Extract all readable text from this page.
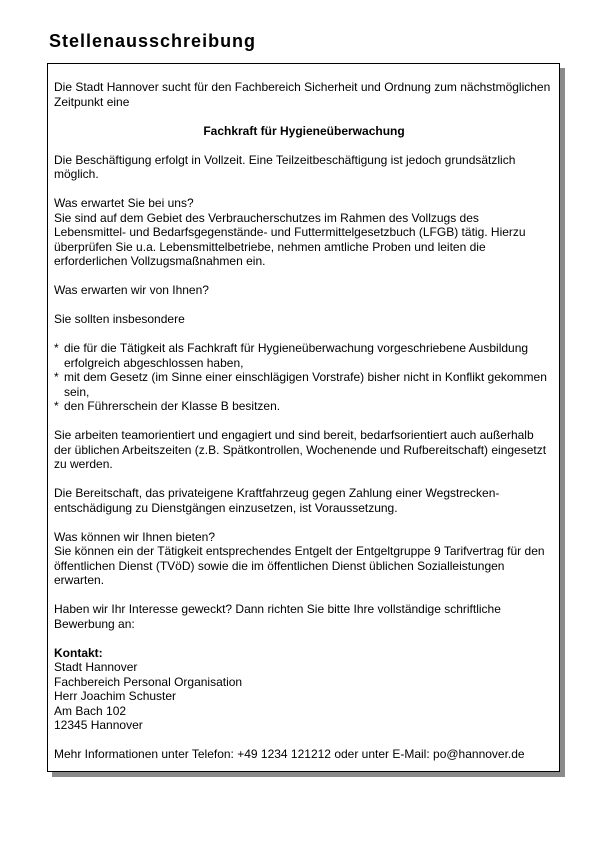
Stellenausschreibung

Die Stadt Hannover sucht für den Fachbereich Sicherheit und Ordnung zum nächstmöglichen Zeitpunkt eine

Fachkraft für Hygieneüberwachung

Die Beschäftigung erfolgt in Vollzeit. Eine Teilzeitbeschäftigung ist jedoch grundsätzlich möglich.

Was erwartet Sie bei uns?
Sie sind auf dem Gebiet des Verbraucherschutzes im Rahmen des Vollzugs des Lebensmittel- und Bedarfsgegenstände- und Futtermittelgesetzbuch (LFGB) tätig. Hierzu überprüfen Sie u.a. Lebensmittelbetriebe, nehmen amtliche Proben und leiten die erforderlichen Vollzugsmaßnahmen ein.

Was erwarten wir von Ihnen?

Sie sollten insbesondere

* die für die Tätigkeit als Fachkraft für Hygieneüberwachung vorgeschriebene Ausbildung erfolgreich abgeschlossen haben,
* mit dem Gesetz (im Sinne einer einschlägigen Vorstrafe) bisher nicht in Konflikt gekommen sein,
* den Führerschein der Klasse B besitzen.

Sie arbeiten teamorientiert und engagiert und sind bereit, bedarfsorientiert auch außerhalb der üblichen Arbeitszeiten (z.B. Spätkontrollen, Wochenende und Rufbereitschaft) eingesetzt zu werden.

Die Bereitschaft, das privateigene Kraftfahrzeug gegen Zahlung einer Wegstrecken-entschädigung zu Dienstgängen einzusetzen, ist Voraussetzung.

Was können wir Ihnen bieten?
Sie können ein der Tätigkeit entsprechendes Entgelt der Entgeltgruppe 9 Tarifvertrag für den öffentlichen Dienst (TVöD) sowie die im öffentlichen Dienst üblichen Sozialleistungen erwarten.

Haben wir Ihr Interesse geweckt? Dann richten Sie bitte Ihre vollständige schriftliche Bewerbung an:

Kontakt:
Stadt Hannover
Fachbereich Personal Organisation
Herr Joachim Schuster
Am Bach 102
12345 Hannover

Mehr Informationen unter Telefon: +49 1234 121212 oder unter E-Mail: po@hannover.de
